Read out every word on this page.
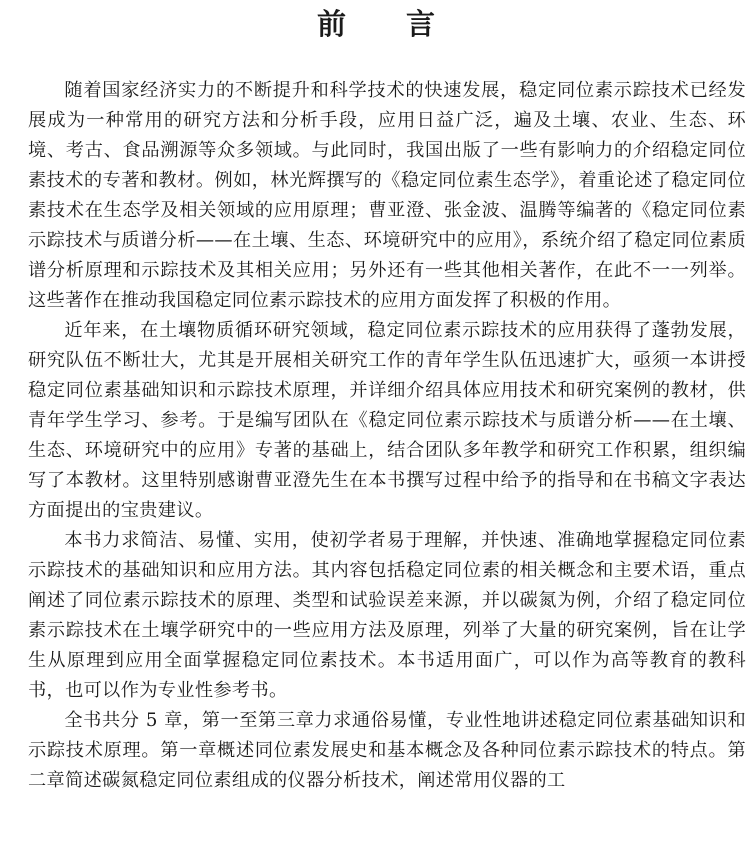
前 言

随着国家经济实力的不断提升和科学技术的快速发展，稳定同位素示踪技术已经发展成为一种常用的研究方法和分析手段，应用日益广泛，遍及土壤、农业、生态、环境、考古、食品溯源等众多领域。与此同时，我国出版了一些有影响力的介绍稳定同位素技术的专著和教材。例如，林光辉撰写的《稳定同位素生态学》，着重论述了稳定同位素技术在生态学及相关领域的应用原理；曹亚澄、张金波、温腾等编著的《稳定同位素示踪技术与质谱分析——在土壤、生态、环境研究中的应用》，系统介绍了稳定同位素质谱分析原理和示踪技术及其相关应用；另外还有一些其他相关著作，在此不一一列举。这些著作在推动我国稳定同位素示踪技术的应用方面发挥了积极的作用。

近年来，在土壤物质循环研究领域，稳定同位素示踪技术的应用获得了蓬勃发展，研究队伍不断壮大，尤其是开展相关研究工作的青年学生队伍迅速扩大，亟须一本讲授稳定同位素基础知识和示踪技术原理，并详细介绍具体应用技术和研究案例的教材，供青年学生学习、参考。于是编写团队在《稳定同位素示踪技术与质谱分析——在土壤、生态、环境研究中的应用》专著的基础上，结合团队多年教学和研究工作积累，组织编写了本教材。这里特别感谢曹亚澄先生在本书撰写过程中给予的指导和在书稿文字表达方面提出的宝贵建议。

本书力求简洁、易懂、实用，使初学者易于理解，并快速、准确地掌握稳定同位素示踪技术的基础知识和应用方法。其内容包括稳定同位素的相关概念和主要术语，重点阐述了同位素示踪技术的原理、类型和试验误差来源，并以碳氮为例，介绍了稳定同位素示踪技术在土壤学研究中的一些应用方法及原理，列举了大量的研究案例，旨在让学生从原理到应用全面掌握稳定同位素技术。本书适用面广，可以作为高等教育的教科书，也可以作为专业性参考书。

全书共分 5 章，第一至第三章力求通俗易懂，专业性地讲述稳定同位素基础知识和示踪技术原理。第一章概述同位素发展史和基本概念及各种同位素示踪技术的特点。第二章简述碳氮稳定同位素组成的仪器分析技术，阐述常用仪器的工
